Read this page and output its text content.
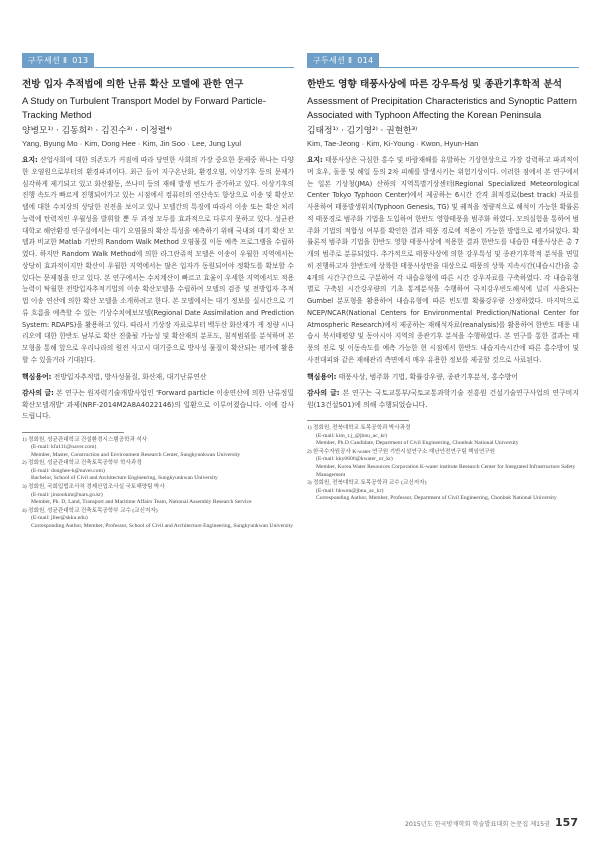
구두세션 Ⅱ 013
전방 입자 추적법에 의한 난류 확산 모델에 관한 연구
A Study on Turbulent Transport Model by Forward Particle-Tracking Method
양병모¹⁾ · 김동희²⁾ · 김진수³⁾ · 이정렬⁴⁾
Yang, Byung Mo · Kim, Dong Hee · Kim, Jin Soo · Lee, Jung Lyul
요지: 산업사회에 대한 의존도가 커짐에 따라 당연한 사회의 가장 중요한 문제중 하나는 다양한 오염원으로부터의 환경파괴이다. 최근 들어 지구온난화, 환경오염, 이상기후 등의 문제가 심각하게 제기되고 있고 화산활동, 쓰나미 등의 재해 발생 빈도가 증가하고 있다. 이상기후의 진행 속도가 빠르게 진행되어가고 있는 시점에서 컴퓨터의 연산속도 향상으로 이송 및 확산모델에 대한 수치상의 상당한 진전을 보이고 있나 모델간의 특징에 따라서 이송 또는 확산 처리능력에 탄력적인 우월성을 발휘할 뿐 두 과정 모두를 효과적으로 다루지 못하고 있다. 성균관대학교 해안환경 연구실에서는 대기 오염물의 확산 특성을 예측하기 위해 국내외 대기 확산 모델과 비교한 Matlab 기반의 Random Walk Method 오염물질 이동 예측 프로그램을 수립하였다. 하지만 Random Walk Method에 의한 라그란쥬적 모델은 이송이 우월한 지역에서는 상당히 효과적이지만 확산이 우월한 지역에서는 많은 입자가 동원되어야 정확도를 확보할 수 있다는 문제점을 안고 있다. 본 연구에서는 수치계산이 빠르고 효율이 우세한 지역에서도 적용 능력이 탁월한 전방입자추적기법의 이송 확산모델을 수립하여 모델의 검증 및 전방입자 추적법 이송 연산에 의한 확산 모델을 소개하려고 한다. 본 모델에서는 대기 정보를 실시간으로 기류 흐름을 예측할 수 있는 기상수치예보모델(Regional Date Assimilation and Prediction System: RDAPS)을 활용하고 있다. 따라서 기상장 자료로부터 백두산 화산재가 게 정량 시나리오에 대한 한반도 남부로 확산 진출될 가능성 및 확산재의 분포도, 침적범위를 분석하며 본 모형을 통해 앞으로 우리나라의 원전 사고시 대기중으로 방사성 물질이 확산되는 평가에 활용할 수 있을거라 기대된다.
핵심용어: 전방입자추적법, 방사성물질, 화산재, 대기난류연산
감사의 글: 본 연구는 원자력기술개발사업인 'Forward particle 이송연산에 의한 난류정밀 확산모델개발' 과제(NRF-2014M2A8A4022146)의 일환으로 이루어졌습니다. 이에 감사드립니다.
1) 정회원, 성균관대학교 건설환경시스템공학과 석사
(E-mail: kfa111@naver.com)
Member, Master, Construction and Environment Research Center, Sungkyunkwan University
2) 정회원, 성균관대학교 건축토목공학부 학사과정
(E-mail: donghee-k@naver.com)
Bachelor, School of Civil and Architecture Engineering, Sungkyunkwan University
3) 정회원, 국회입법조사처 경제산업조사실 국토해양팀 박사
(E-mail: jinsookim@nars.go.kr)
Member, Ph. D, Land, Transport and Maritime Affairs Team, National Assembly Research Service
4) 정회원, 성균관대학교 건축토목공학부 교수 (교신저자)
(E-mail: jllee@skku.edu)
Corresponding Author, Member, Professor, School of Civil and Architecture Engineering, Sungkyunkwan University
구두세션 Ⅱ 014
한반도 영향 태풍사상에 따른 강우특성 및 종관기후학적 분석
Assessment of Precipitation Characteristics and Synoptic Pattern Associated with Typhoon Affecting the Korean Peninsula
김태정¹⁾ · 김기영²⁾ · 권현한³⁾
Kim, Tae-Jeong · Kim, Ki-Young · Kwon, Hyun-Han
요지: 태풍사상은 극심한 홍수 및 바람재해를 유발하는 기상현상으로 가장 강력하고 파괴적이며 호우, 돌풍 및 해일 등의 2차 피해를 발생시키는 위험기상이다. 이러한 점에서 본 연구에서는 일본 기상청(JMA) 산하의 지역특별기상센터(Regional Specialized Meteorological Center Tokyo Typhoon Center)에서 제공하는 6시간 간격 최적경로(best track) 자료를 사용하여 태풍발생위치(Typhoon Genesis, TG) 및 궤적을 정량적으로 해석이 가능한 확률론적 태풍경로 범주화 기법을 도입하여 한반도 영향태풍을 범주화 하였다. 모의실험을 통하여 범주화 기법의 적합성 여부를 확인한 결과 태풍 경로에 적용이 가능한 방법으로 평가되었다. 확률론적 범주화 기법을 한반도 영향 태풍사상에 적용한 결과 한반도를 내습한 태풍사상은 총 7개의 범주로 분류되었다. 추가적으로 태풍사상에 의한 강우특성 및 종관기후학적 분석을 면밀히 진행하고자 한반도에 상륙한 태풍사상만을 대상으로 태풍의 상륙 지속시간(내습시간)을 총 4개의 시간구간으로 구분하여 각 내습유형에 따른 시간 강우자료를 구축하였다. 각 내습유형별로 구축된 시간강우량의 기초 통계분석을 수행하여 극치강우빈도해석에 널리 사용되는 Gumbel 분포형을 활용하여 내습유형에 따른 빈도별 확률강우량 산정하였다. 마지막으로 NCEP/NCAR(National Centers for Environmental Prediction/National Center for Atmospheric Research)에서 제공하는 재해석자료(reanalysis)를 활용하여 한반도 태풍 내습시 북서태평양 및 동아시아 지역의 종관기후 분석을 수행하였다. 본 연구를 통한 결과는 태풍의 진로 및 이동속도를 예측 가능한 현 시점에서 한반도 내습지속시간에 따른 홍수방어 및 사전대피와 같은 재해관리 측면에서 매우 유용한 정보를 제공할 것으로 사료된다.
핵심용어: 태풍사상, 범주화 기법, 확률강우량, 종관기후분석, 홍수방어
감사의 글: 본 연구는 국토교통부/국토교통과학기술 진흥원 건설기술연구사업의 연구비지원(13건설S01)에 의해 수행되었습니다.
1) 정회원, 전북대학교 토목공학과 박사과정
(E-mail: kim_t.j_@jbnu_ac_kr)
Member, Ph.D Candidate, Department of Civil Engineering, Chonbuk National University
2) 한국수자원공사 K-water 연구원 기반시설연구소 재난안전연구팀 책임연구원
(E-mail: kky0606@kwater_or_kr)
Member, Korea Water Resources Corporation K-water institute Research Center for Integrated Infrastructure Safety Management
3) 정회원, 전북대학교 토목공학과 교수 (교신저자)
(E-mail: hkwon@jbnu_ac_kr)
Corresponding Author, Member, Professor, Department of Civil Engineering, Chonbuk National University
2015년도 한국방재학회 학술발표대회 논문집 제15권 157
